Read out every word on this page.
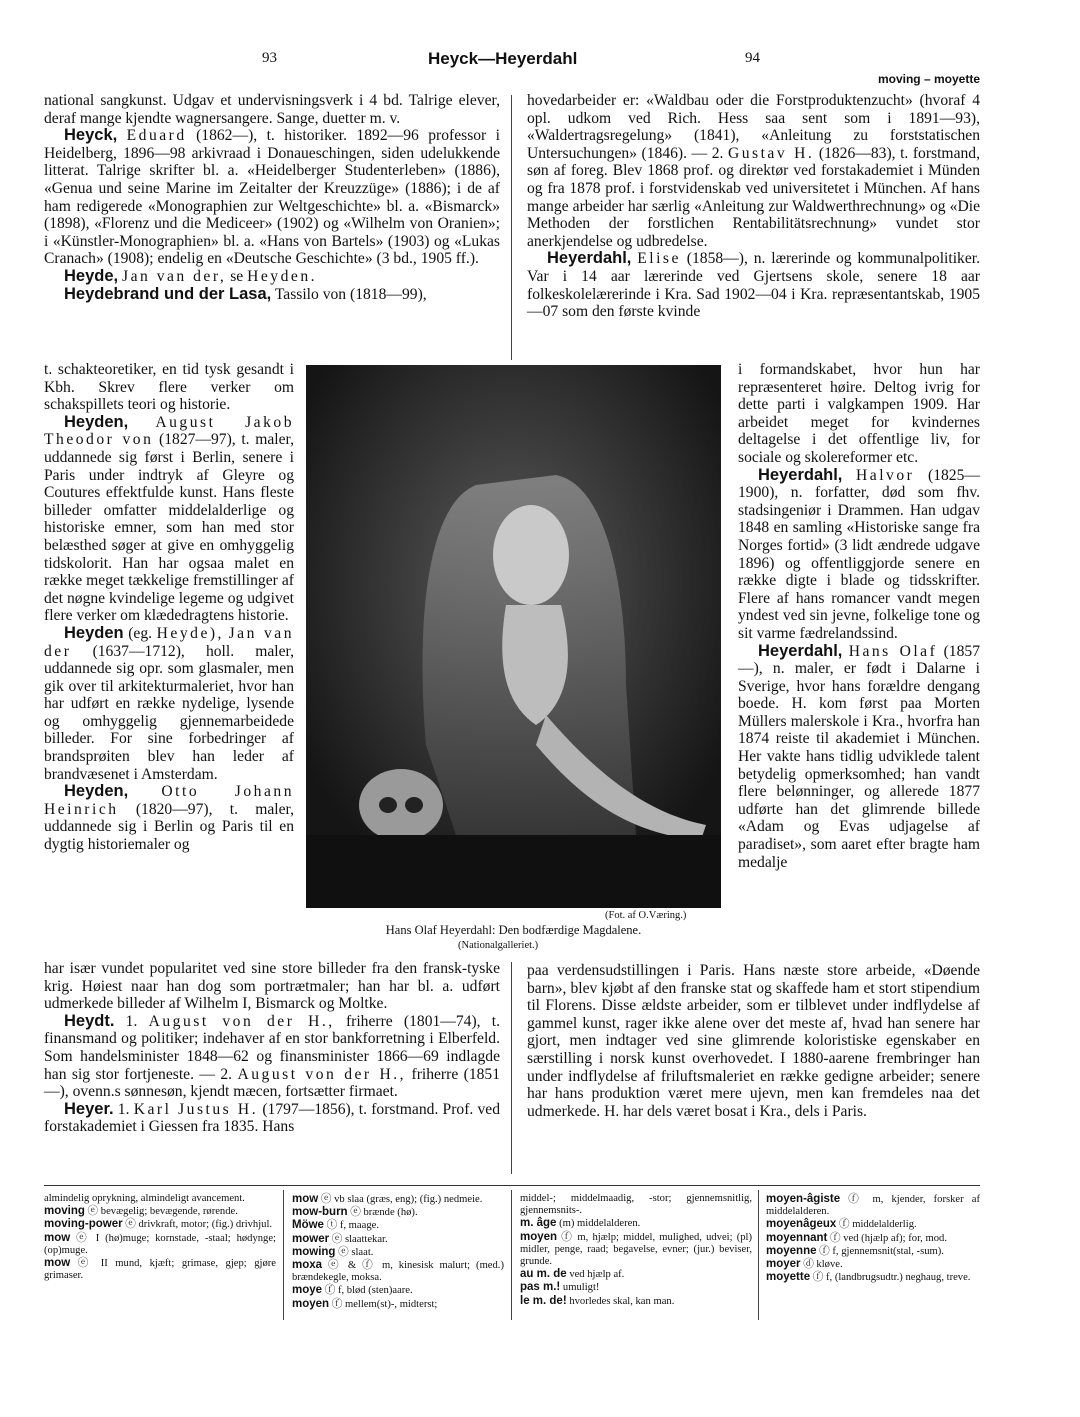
93	Heyck—Heyerdahl	94
moving – moyette

national sangkunst. Udgav et undervisningsverk i 4 bd. Talrige elever, deraf mange kjendte wagnersangere. Sange, duetter m. v.

Heyck, Eduard (1862—), t. historiker. 1892—96 professor i Heidelberg, 1896—98 arkivraad i Donaueschingen, siden udelukkende litterat. Talrige skrifter bl. a. «Heidelberger Studenterleben» (1886), «Genua und seine Marine im Zeitalter der Kreuzzüge» (1886); i de af ham redigerede «Monographien zur Weltgeschichte» bl. a. «Bismarck» (1898), «Florenz und die Mediceer» (1902) og «Wilhelm von Oranien»; i «Künstler-Monographien» bl. a. «Hans von Bartels» (1903) og «Lukas Cranach» (1908); endelig en «Deutsche Geschichte» (3 bd., 1905 ff.).

Heyde, Jan van der, se Heyden.

Heydebrand und der Lasa, Tassilo von (1818—99),

t. schakteoretiker, en tid tysk gesandt i Kbh. Skrev flere verker om schakspillets teori og historie.

Heyden, August Jakob Theodor von (1827—97), t. maler, uddannede sig først i Berlin, senere i Paris under indtryk af Gleyre og Coutures effektfulde kunst. Hans fleste billeder omfatter middelalderlige og historiske emner, som han med stor belæsthed søger at give en omhyggelig tidskolorit. Han har ogsaa malet en række meget tækkelige fremstillinger af det nøgne kvindelige legeme og udgivet flere verker om klædedragtens historie.

Heyden (eg. Heyde), Jan van der (1637—1712), holl. maler, uddannede sig opr. som glasmaler, men gik over til arkitekturmaleriet, hvor han har udført en række nydelige, lysende og omhyggelig gjennemarbeidede billeder. For sine forbedringer af brandsprøiten blev han leder af brandvæsenet i Amsterdam.

Heyden, Otto Johann Heinrich (1820—97), t. maler, uddannede sig i Berlin og Paris til en dygtig historiemaler og

har især vundet popularitet ved sine store billeder fra den fransk-tyske krig. Høiest naar han dog som portrætmaler; han har bl. a. udført udmerkede billeder af Wilhelm I, Bismarck og Moltke.

Heydt. 1. August von der H., friherre (1801—74), t. finansmand og politiker; indehaver af en stor bankforretning i Elberfeld. Som handelsminister 1848—62 og finansminister 1866—69 indlagde han sig stor fortjeneste. — 2. August von der H., friherre (1851—), ovenn.s sønnesøn, kjendt mæcen, fortsætter firmaet.

Heyer. 1. Karl Justus H. (1797—1856), t. forstmand. Prof. ved forstakademiet i Giessen fra 1835. Hans

hovedarbeider er: «Waldbau oder die Forstproduktenzucht» (hvoraf 4 opl. udkom ved Rich. Hess saa sent som i 1891—93), «Waldertragsregelung» (1841), «Anleitung zu forststatischen Untersuchungen» (1846). — 2. Gustav H. (1826—83), t. forstmand, søn af foreg. Blev 1868 prof. og direktør ved forstakademiet i Münden og fra 1878 prof. i forstvidenskab ved universitetet i München. Af hans mange arbeider har særlig «Anleitung zur Waldwerthrechnung» og «Die Methoden der forstlichen Rentabilitätsrechnung» vundet stor anerkjendelse og udbredelse.

Heyerdahl, Elise (1858—), n. lærerinde og kommunalpolitiker. Var i 14 aar lærerinde ved Gjertsens skole, senere 18 aar folkeskolelærerinde i Kra. Sad 1902—04 i Kra. repræsentantskab, 1905—07 som den første kvinde

i formandskabet, hvor hun har repræsenteret høire. Deltog ivrig for dette parti i valgkampen 1909. Har arbeidet meget for kvindernes deltagelse i det offentlige liv, for sociale og skolereformer etc.

Heyerdahl, Halvor (1825—1900), n. forfatter, død som fhv. stadsingeniør i Drammen. Han udgav 1848 en samling «Historiske sange fra Norges fortid» (3 lidt ændrede udgave 1896) og offentliggjorde senere en række digte i blade og tidsskrifter. Flere af hans romancer vandt megen yndest ved sin jevne, folkelige tone og sit varme fædrelandssind.

Heyerdahl, Hans Olaf (1857—), n. maler, er født i Dalarne i Sverige, hvor hans forældre dengang boede. H. kom først paa Morten Müllers malerskole i Kra., hvorfra han 1874 reiste til akademiet i München. Her vakte hans tidlig udviklede talent betydelig opmerksomhed; han vandt flere belønninger, og allerede 1877 udførte han det glimrende billede «Adam og Evas udjagelse af paradiset», som aaret efter bragte ham medalje

paa verdensudstillingen i Paris. Hans næste store arbeide, «Døende barn», blev kjøbt af den franske stat og skaffede ham et stort stipendium til Florens. Disse ældste arbeider, som er tilblevet under indflydelse af gammel kunst, rager ikke alene over det meste af, hvad han senere har gjort, men indtager ved sine glimrende koloristiske egenskaber en særstilling i norsk kunst overhovedet. I 1880-aarene frembringer han under indflydelse af friluftsmaleriet en række gedigne arbeider; senere har hans produktion været mere ujevn, men kan fremdeles naa det udmerkede. H. har dels været bosat i Kra., dels i Paris.

(Fot. af O.Væring.)
Hans Olaf Heyerdahl: Den bodfærdige Magdalene.
(Nationalgalleriet.)

almindelig oprykning, almindeligt avancement.

moving ⓔ bevægelig; bevægende, rørende.

moving-power ⓔ drivkraft, motor; (fig.) drivhjul.

mow ⓔ I (hø)muge; kornstade, -staal; hødynge; (op)muge.

mow ⓔ II mund, kjæft; grimase, gjep; gjøre grimaser.

mow ⓔ vb slaa (græs, eng); (fig.) nedmeie.

mow-burn ⓔ brænde (hø).

Möwe ⓣ f, maage.

mower ⓔ slaattekar.

mowing ⓔ slaat.

moxa ⓔ & ⓕ m, kinesisk malurt; (med.) brændekegle, moksa.

moye ⓕ f, blød (sten)aare.

moyen ⓕ mellem(st)-, midterst;

middel-; middelmaadig, -stor; gjennemsnitlig, gjennemsnits-.

m. âge (m) middelalderen.

moyen ⓕ m, hjælp; middel, mulighed, udvei; (pl) midler, penge, raad; begavelse, evner; (jur.) beviser, grunde.

au m. de ved hjælp af.

pas m.! umuligt!

le m. de! hvorledes skal, kan man.

moyen-âgiste ⓕ m, kjender, forsker af middelalderen.

moyenâgeux ⓕ middelalderlig.

moyennant ⓕ ved (hjælp af); for, mod.

moyenne ⓕ f, gjennemsnit(stal, -sum).

moyer ⓓ kløve.

moyette ⓕ f, (landbrugsudtr.) neghaug, treve.
